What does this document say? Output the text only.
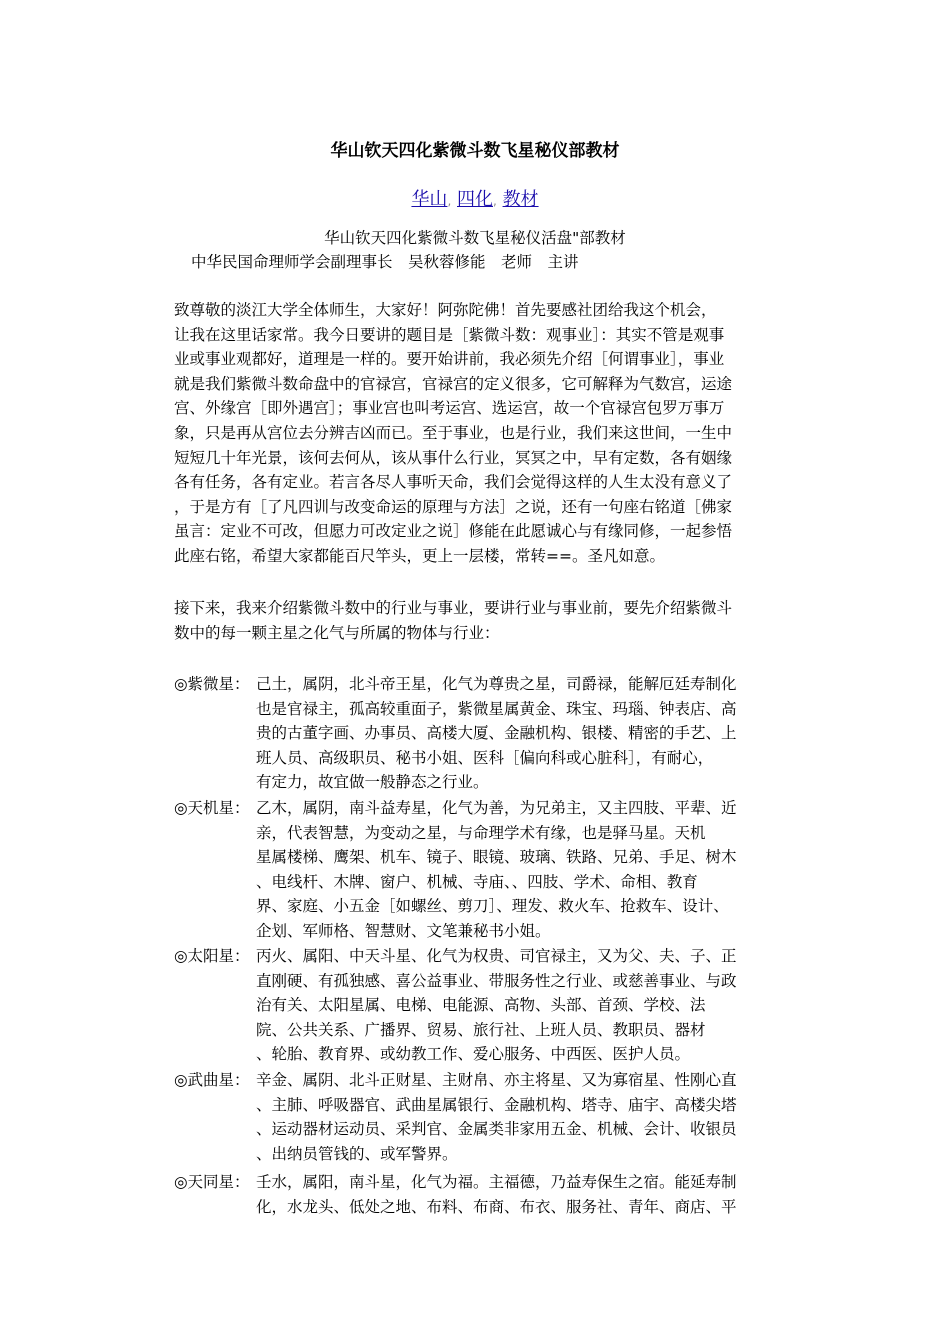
华山钦天四化紫微斗数飞星秘仪部教材
华山, 四化, 教材
华山钦天四化紫微斗数飞星秘仪活盘"部教材
中华民国命理师学会副理事长　吴秋蓉修能　老师　主讲
致尊敬的淡江大学全体师生，大家好！阿弥陀佛！首先要感社团给我这个机会，
让我在这里话家常。我今日要讲的题目是［紫微斗数：观事业］：其实不管是观事
业或事业观都好，道理是一样的。要开始讲前，我必须先介绍［何谓事业］，事业
就是我们紫微斗数命盘中的官禄宫，官禄宫的定义很多，它可解释为气数宫，运途
宫、外缘宫［即外遇宫］；事业宫也叫考运宫、选运宫，故一个官禄宫包罗万事万
象，只是再从宫位去分辨吉凶而已。至于事业，也是行业，我们来这世间，一生中
短短几十年光景，该何去何从，该从事什么行业，冥冥之中，早有定数，各有姻缘
各有任务，各有定业。若言各尽人事听天命，我们会觉得这样的人生太没有意义了
，于是方有［了凡四训与改变命运的原理与方法］之说，还有一句座右铭道［佛家
虽言：定业不可改，但愿力可改定业之说］修能在此愿诚心与有缘同修，一起参悟
此座右铭，希望大家都能百尺竿头，更上一层楼，常转==。圣凡如意。
接下来，我来介绍紫微斗数中的行业与事业，要讲行业与事业前，要先介绍紫微斗
数中的每一颗主星之化气与所属的物体与行业：
◎紫微星： 己土，属阴，北斗帝王星，化气为尊贵之星，司爵禄，能解厄廷寿制化
也是官禄主，孤高较重面子，紫微星属黄金、珠宝、玛瑙、钟表店、高
贵的古董字画、办事员、高楼大厦、金融机构、银楼、精密的手艺、上
班人员、高级职员、秘书小姐、医科［偏向科或心脏科］，有耐心，
有定力，故宜做一般静态之行业。
◎天机星： 乙木，属阴，南斗益寿星，化气为善，为兄弟主，又主四肢、平辈、近
亲，代表智慧，为变动之星，与命理学术有缘，也是驿马星。天机
星属楼梯、鹰架、机车、镜子、眼镜、玻璃、铁路、兄弟、手足、树木
、电线杆、木牌、窗户、机械、寺庙、、四肢、学术、命相、教育
界、家庭、小五金［如螺丝、剪刀］、理发、救火车、抢救车、设计、
企划、军师格、智慧财、文笔兼秘书小姐。
◎太阳星： 丙火、属阳、中天斗星、化气为权贵、司官禄主，又为父、夫、子、正
直刚硬、有孤独感、喜公益事业、带服务性之行业、或慈善事业、与政
治有关、太阳星属、电梯、电能源、高物、头部、首颈、学校、法
院、公共关系、广播界、贸易、旅行社、上班人员、教职员、器材
、轮胎、教育界、或幼教工作、爱心服务、中西医、医护人员。
◎武曲星： 辛金、属阴、北斗正财星、主财帛、亦主将星、又为寡宿星、性刚心直
、主肺、呼吸器官、武曲星属银行、金融机构、塔寺、庙宇、高楼尖塔
、运动器材运动员、采判官、金属类非家用五金、机械、会计、收银员
、出纳员管钱的、或军警界。
◎天同星： 壬水，属阳，南斗星，化气为福。主福德，乃益寿保生之宿。能延寿制
化，水龙头、低处之地、布料、布商、布衣、服务社、青年、商店、平
